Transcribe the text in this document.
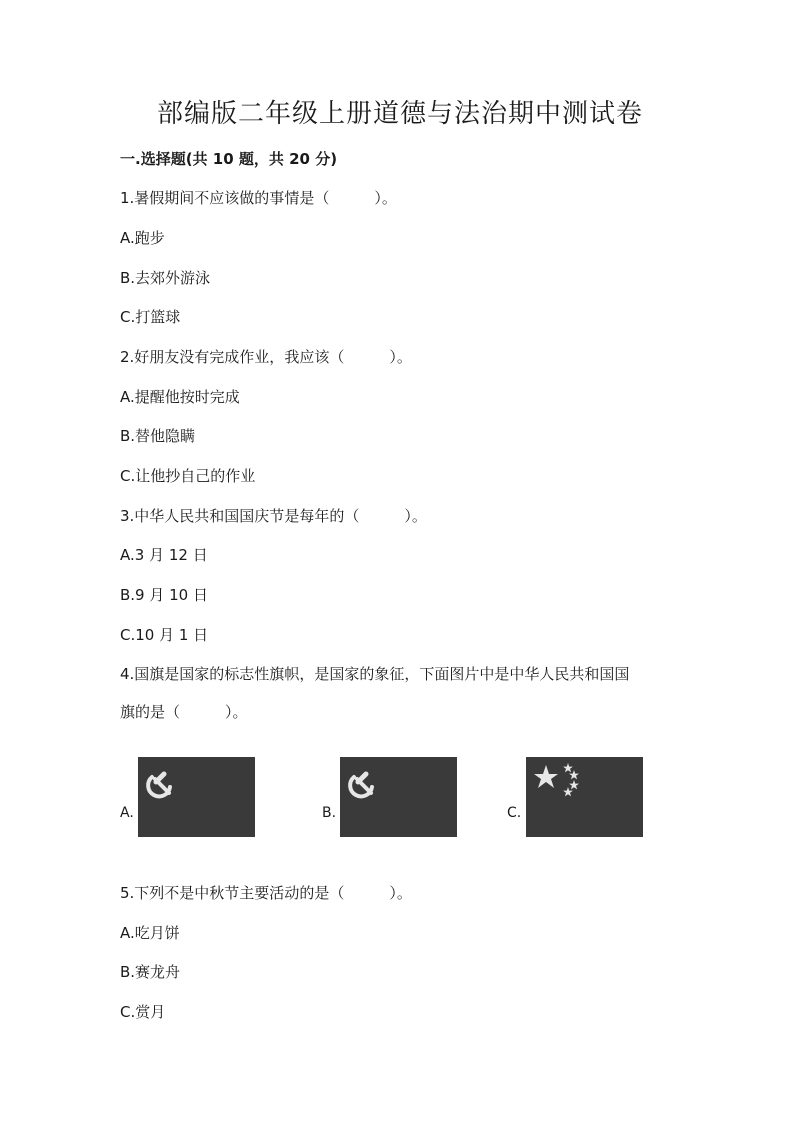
部编版二年级上册道德与法治期中测试卷
一.选择题(共 10 题，共 20 分)
1.暑假期间不应该做的事情是（　　　）。
A.跑步
B.去郊外游泳
C.打篮球
2.好朋友没有完成作业，我应该（　　　）。
A.提醒他按时完成
B.替他隐瞒
C.让他抄自己的作业
3.中华人民共和国国庆节是每年的（　　　）。
A.3 月 12 日
B.9 月 10 日
C.10 月 1 日
4.国旗是国家的标志性旗帜，是国家的象征，下面图片中是中华人民共和国国
旗的是（　　　）。
A.	B.	C.
5.下列不是中秋节主要活动的是（　　　）。
A.吃月饼
B.赛龙舟
C.赏月
